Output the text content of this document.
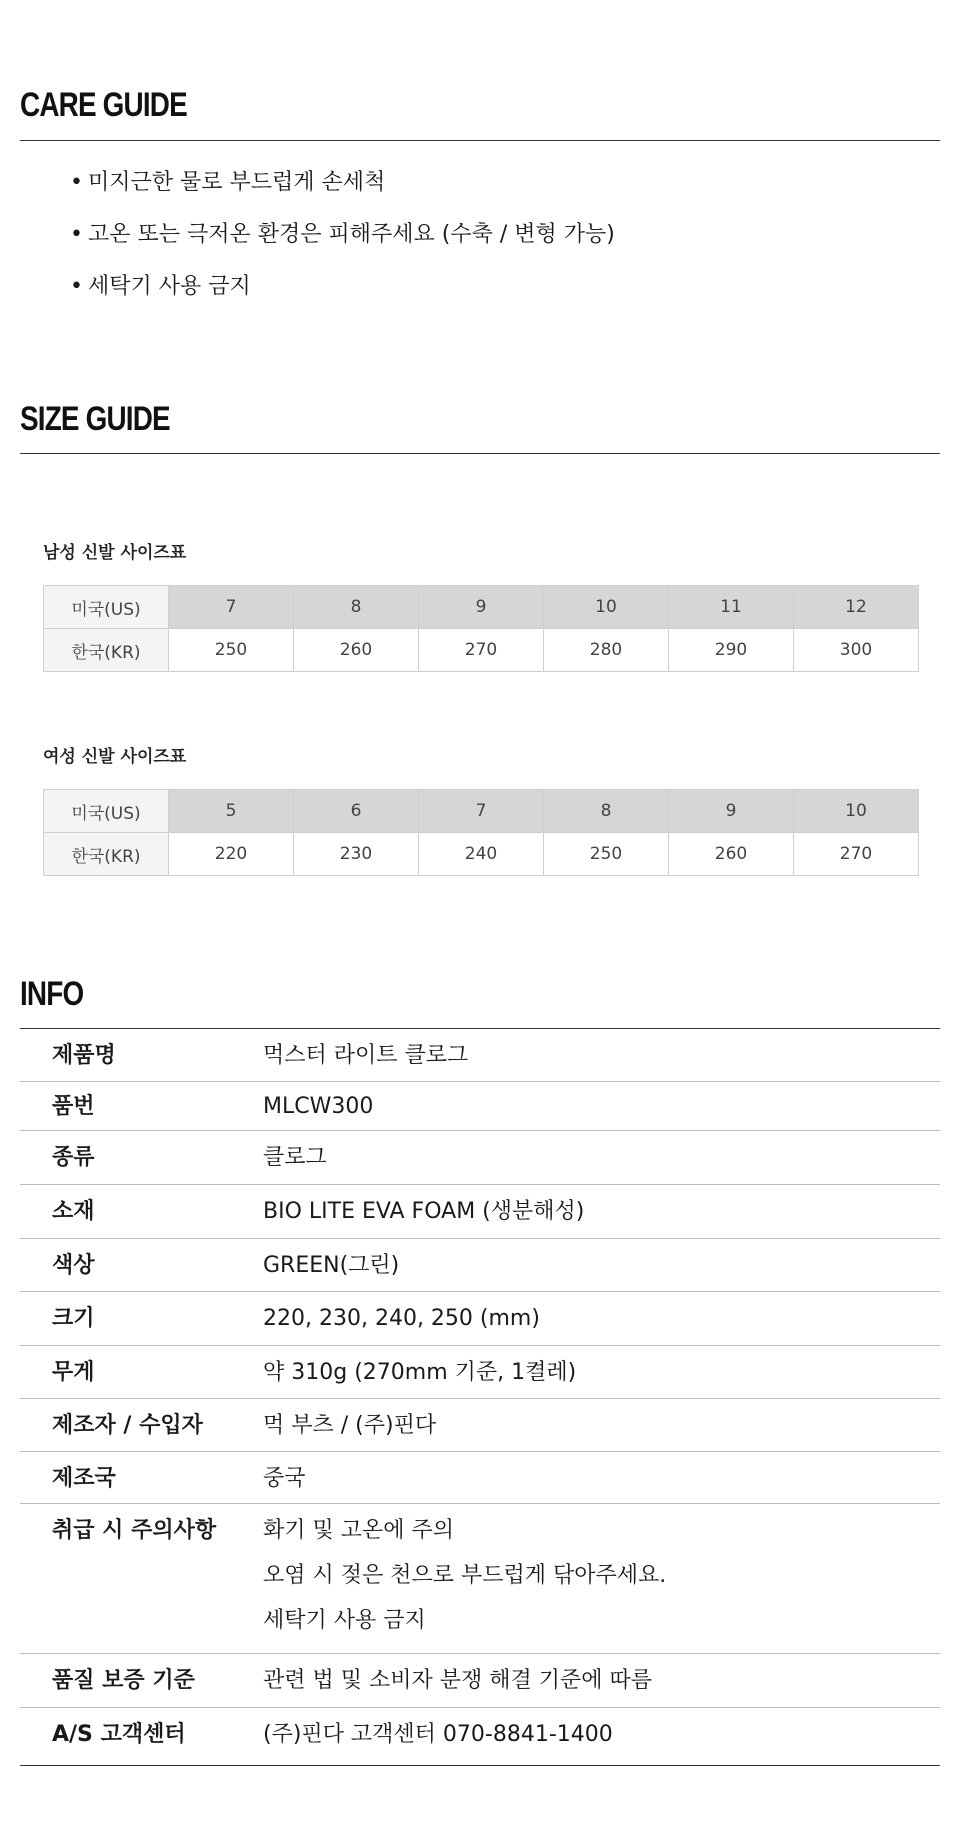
CARE GUIDE
• 미지근한 물로 부드럽게 손세척
• 고온 또는 극저온 환경은 피해주세요 (수축 / 변형 가능)
• 세탁기 사용 금지
SIZE GUIDE
남성 신발 사이즈표
미국(US)	7	8	9	10	11	12
한국(KR)	250	260	270	280	290	300
여성 신발 사이즈표
미국(US)	5	6	7	8	9	10
한국(KR)	220	230	240	250	260	270
INFO
제품명	먹스터 라이트 클로그
품번	MLCW300
종류	클로그
소재	BIO LITE EVA FOAM (생분해성)
색상	GREEN(그린)
크기	220, 230, 240, 250 (mm)
무게	약 310g (270mm 기준, 1켤레)
제조자 / 수입자	먹 부츠 / (주)핀다
제조국	중국
취급 시 주의사항	화기 및 고온에 주의
오염 시 젖은 천으로 부드럽게 닦아주세요.
세탁기 사용 금지

품질 보증 기준	관련 법 및 소비자 분쟁 해결 기준에 따름
A/S 고객센터	(주)핀다 고객센터 070-8841-1400
